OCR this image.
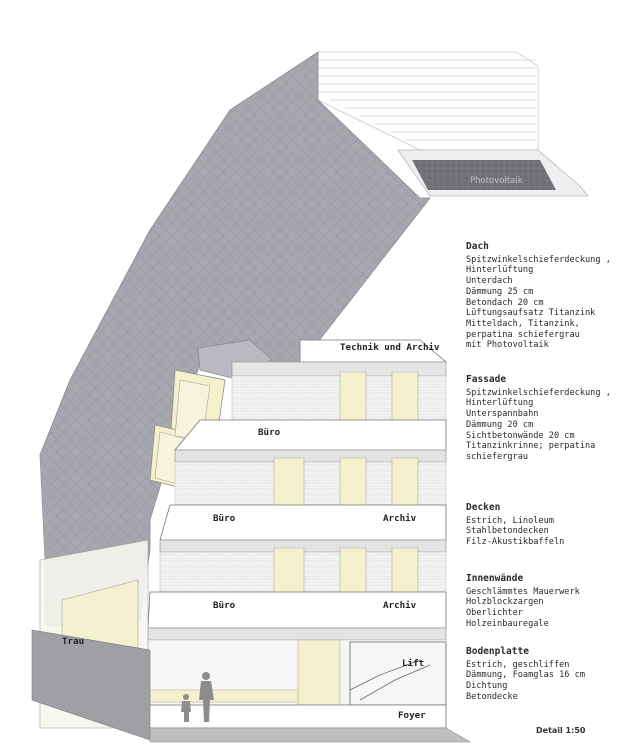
Photovoltaik
Technik und Archiv
Büro
Büro	Archiv
Büro	Archiv
Trau
Lift
Foyer
Dach
Spitzwinkelschieferdeckung ,
Hinterlüftung
Unterdach
Dämmung 25 cm
Betondach 20 cm
Lüftungsaufsatz Titanzink
Mitteldach, Titanzink,
perpatina schiefergrau
mit Photovoltaik
Fassade
Spitzwinkelschieferdeckung ,
Hinterlüftung
Unterspannbahn
Dämmung 20 cm
Sichtbetonwände 20 cm
Titanzinkrinne; perpatina
schiefergrau
Decken
Estrich, Linoleum
Stahlbetondecken
Filz-Akustikbaffeln
Innenwände
Geschlämmtes Mauerwerk
Holzblockzargen
Oberlichter
Holzeinbauregale
Bodenplatte
Estrich, geschliffen
Dämmung, Foamglas 16 cm
Dichtung
Betondecke
Detail 1:50
